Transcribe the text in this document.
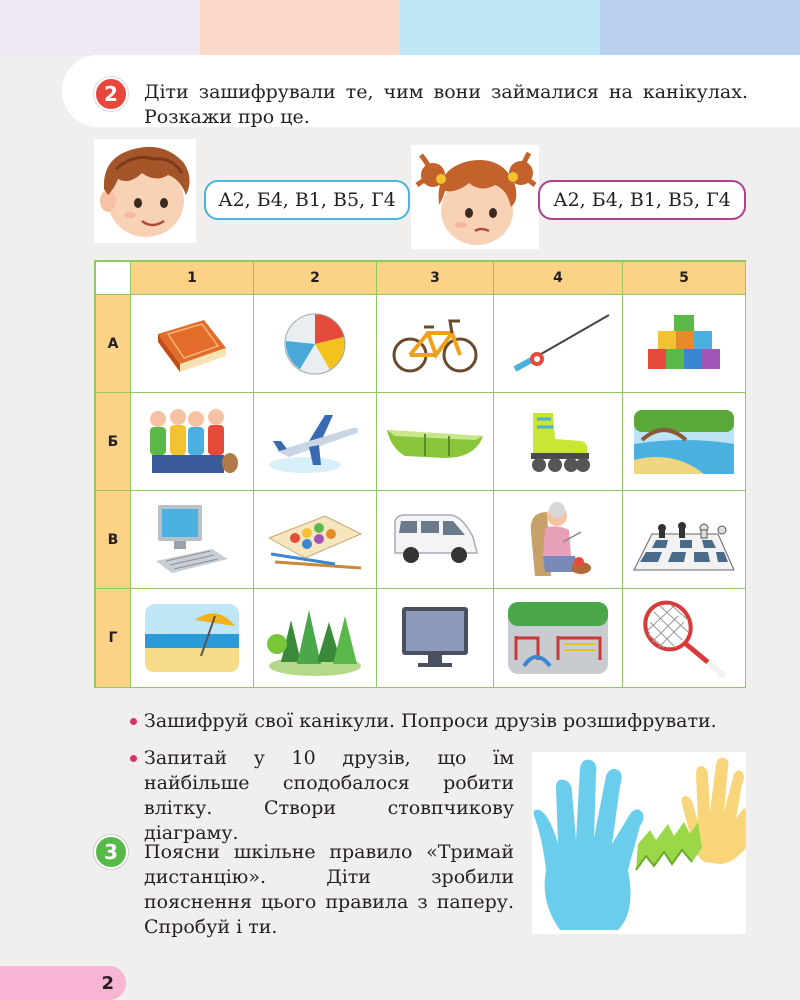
2	Діти зашифрували те, чим вони займалися на канікулах. Розкажи про це.
А2, Б4, В1, В5, Г4	А2, Б4, В1, В5, Г4
1	2	3	4	5
А
Б
В
Г
Зашифруй свої канікули. Попроси друзів розшифрувати.
Запитай у 10 друзів, що їм найбільше сподобалося робити влітку. Створи стовпчикову діаграму.
3	Поясни шкільне правило «Тримай дистанцію». Діти зробили пояснення цього правила з паперу. Спробуй і ти.
2
